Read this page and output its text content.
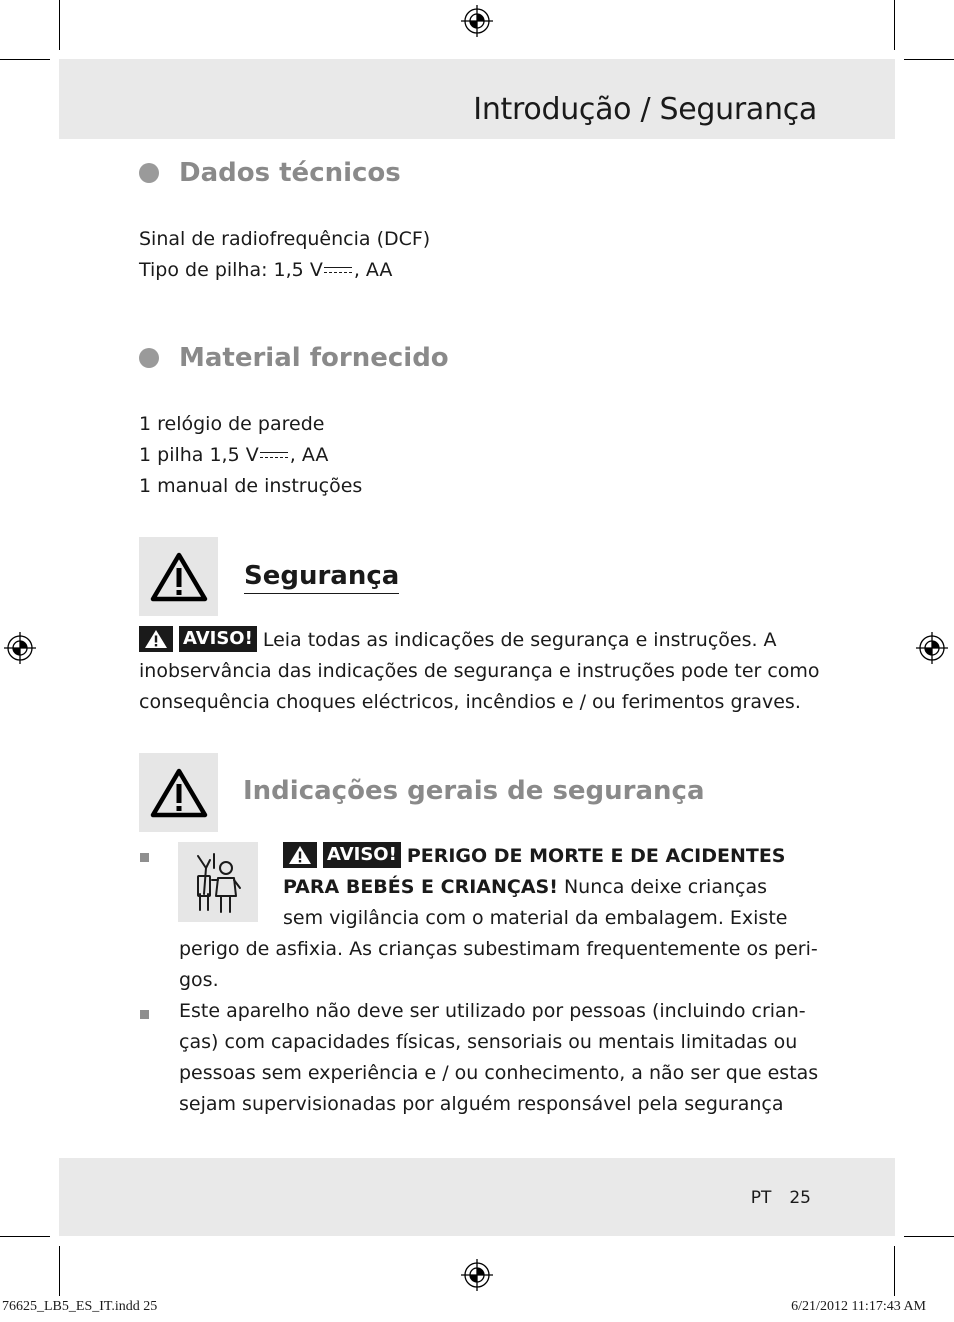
Introdução / Segurança
Dados técnicos
Sinal de radiofrequência (DCF)
Tipo de pilha: 1,5 V , AA
Material fornecido
1 relógio de parede
1 pilha 1,5 V , AA
1 manual de instruções
Segurança
AVISO! Leia todas as indicações de segurança e instruções. A
inobservância das indicações de segurança e instruções pode ter como
consequência choques eléctricos, incêndios e / ou ferimentos graves.
Indicações gerais de segurança
AVISO! PERIGO DE MORTE E DE ACIDENTES
PARA BEBÉS E CRIANÇAS! Nunca deixe crianças
sem vigilância com o material da embalagem. Existe
perigo de asfixia. As crianças subestimam frequentemente os peri-
gos.
Este aparelho não deve ser utilizado por pessoas (incluindo crian-
ças) com capacidades físicas, sensoriais ou mentais limitadas ou
pessoas sem experiência e / ou conhecimento, a não ser que estas
sejam supervisionadas por alguém responsável pela segurança
PT 25
76625_LB5_ES_IT.indd 25	6/21/2012 11:17:43 AM
